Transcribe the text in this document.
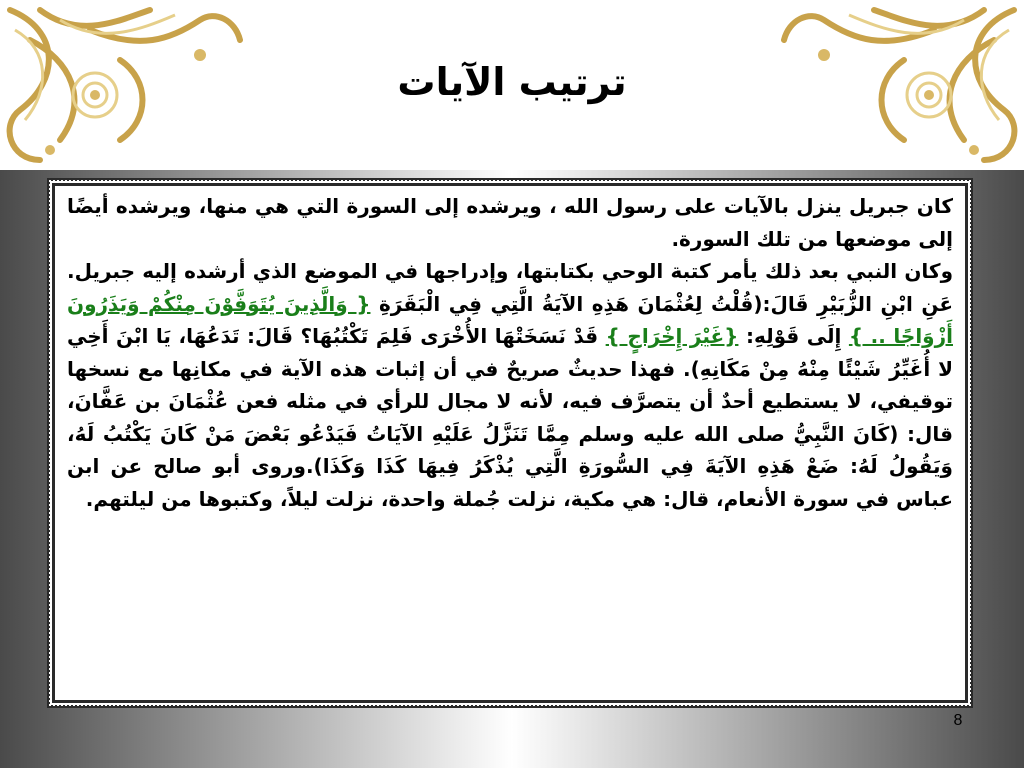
ترتيب الآيات

كان جبريل ينزل بالآيات على رسول الله ، ويرشده إلى السورة التي هي منها، ويرشده أيضًا إلى موضعها من تلك السورة.

وكان النبي بعد ذلك يأمر كتبة الوحي بكتابتها، وإدراجها في الموضع الذي أرشده إليه جبريل. عَنِ ابْنِ الزُّبَيْرِ قَالَ:(قُلْتُ لِعُثْمَانَ هَذِهِ الآيَةُ الَّتِي فِي الْبَقَرَةِ { وَالَّذِينَ يُتَوَفَّوْنَ مِنْكُمْ وَيَذَرُونَ أَزْوَاجًا .. } إِلَى قَوْلِهِ: {غَيْرَ إِخْرَاجٍ } قَدْ نَسَخَتْهَا الأُخْرَى فَلِمَ تَكْتُبُهَا؟ قَالَ: تَدَعُهَا، يَا ابْنَ أَخِي لا أُغَيِّرُ شَيْئًا مِنْهُ مِنْ مَكَانِهِ). فهذا حديثٌ صريحٌ في أن إثبات هذه الآية في مكانِها مع نسخها توقيفي، لا يستطيع أحدٌ أن يتصرَّف فيه، لأنه لا مجال للرأي في مثله فعن عُثْمَانَ بن عَفَّانَ، قال: (كَانَ النَّبِيُّ صلى الله عليه وسلم مِمَّا تَنَزَّلُ عَلَيْهِ الآيَاتُ فَيَدْعُو بَعْضَ مَنْ كَانَ يَكْتُبُ لَهُ، وَيَقُولُ لَهُ: ضَعْ هَذِهِ الآيَةَ فِي السُّورَةِ الَّتِي يُذْكَرُ فِيهَا كَذَا وَكَذَا).وروى أبو صالح عن ابن عباس في سورة الأنعام، قال: هي مكية، نزلت جُملة واحدة، نزلت ليلاً، وكتبوها من ليلتهم.

8
